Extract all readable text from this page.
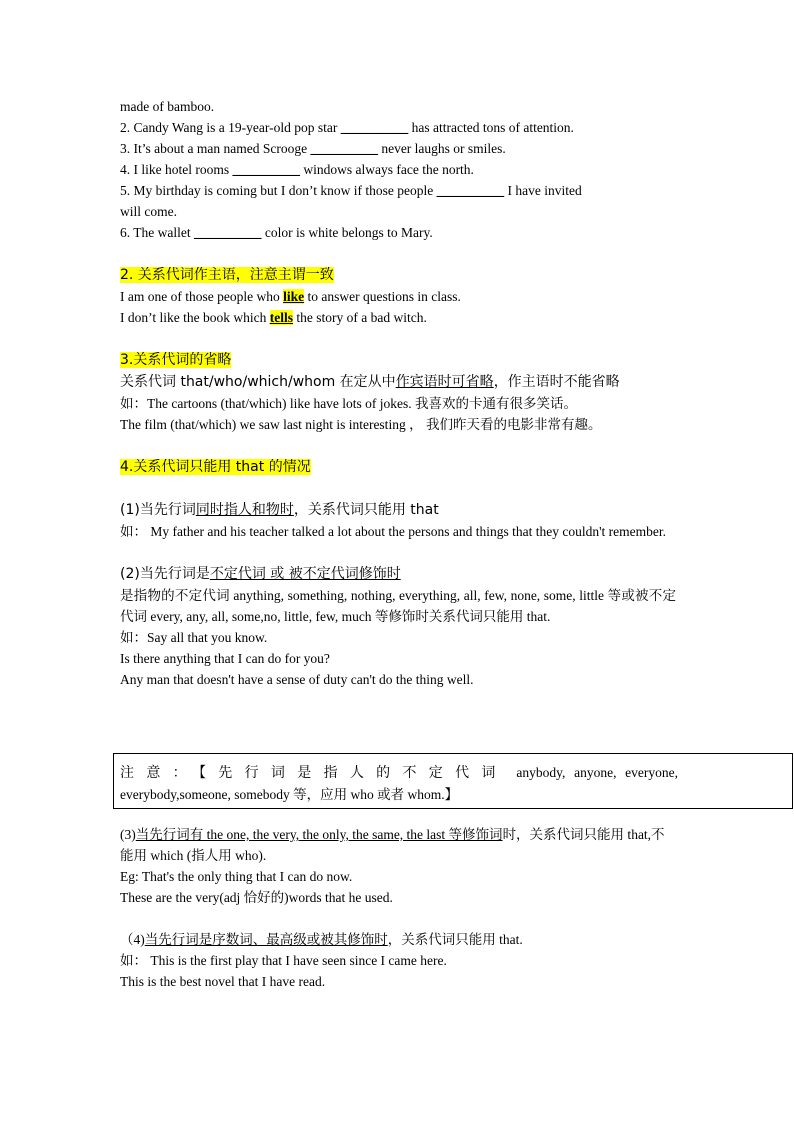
made of bamboo.
2. Candy Wang is a 19-year-old pop star __________ has attracted tons of attention.
3. It’s about a man named Scrooge __________ never laughs or smiles.
4. I like hotel rooms __________ windows always face the north.
5. My birthday is coming but I don’t know if those people __________ I have invited
will come.
6. The wallet __________ color is white belongs to Mary.
2. 关系代词作主语，注意主谓一致
I am one of those people who like to answer questions in class.
I don’t like the book which tells the story of a bad witch.
3.关系代词的省略
关系代词 that/who/which/whom 在定从中作宾语时可省略，作主语时不能省略
如：The cartoons (that/which) like have lots of jokes. 我喜欢的卡通有很多笑话。
The film (that/which) we saw last night is interesting ， 我们昨天看的电影非常有趣。
4.关系代词只能用 that 的情况
(1)当先行词同时指人和物时，关系代词只能用 that
如： My father and his teacher talked a lot about the persons and things that they couldn't remember.
(2)当先行词是不定代词 或 被不定代词修饰时
是指物的不定代词 anything, something, nothing, everything, all, few, none, some, little 等或被不定代词 every, any, all, some,no, little, few, much 等修饰时关系代词只能用 that.
如：Say all that you know.
Is there anything that I can do for you?
Any man that doesn't have a sense of duty can't do the thing well.
注意：【先行词是指人的不定代词 anybody, anyone, everyone, everybody,someone, somebody 等，应用 who 或者 whom.】
(3)当先行词有 the one, the very, the only, the same, the last 等修饰词时，关系代词只能用 that,不能用 which (指人用 who).
Eg: That's the only thing that I can do now.
These are the very(adj 恰好的)words that he used.
（4)当先行词是序数词、最高级或被其修饰时，关系代词只能用 that.
如： This is the first play that I have seen since I came here.
This is the best novel that I have read.
